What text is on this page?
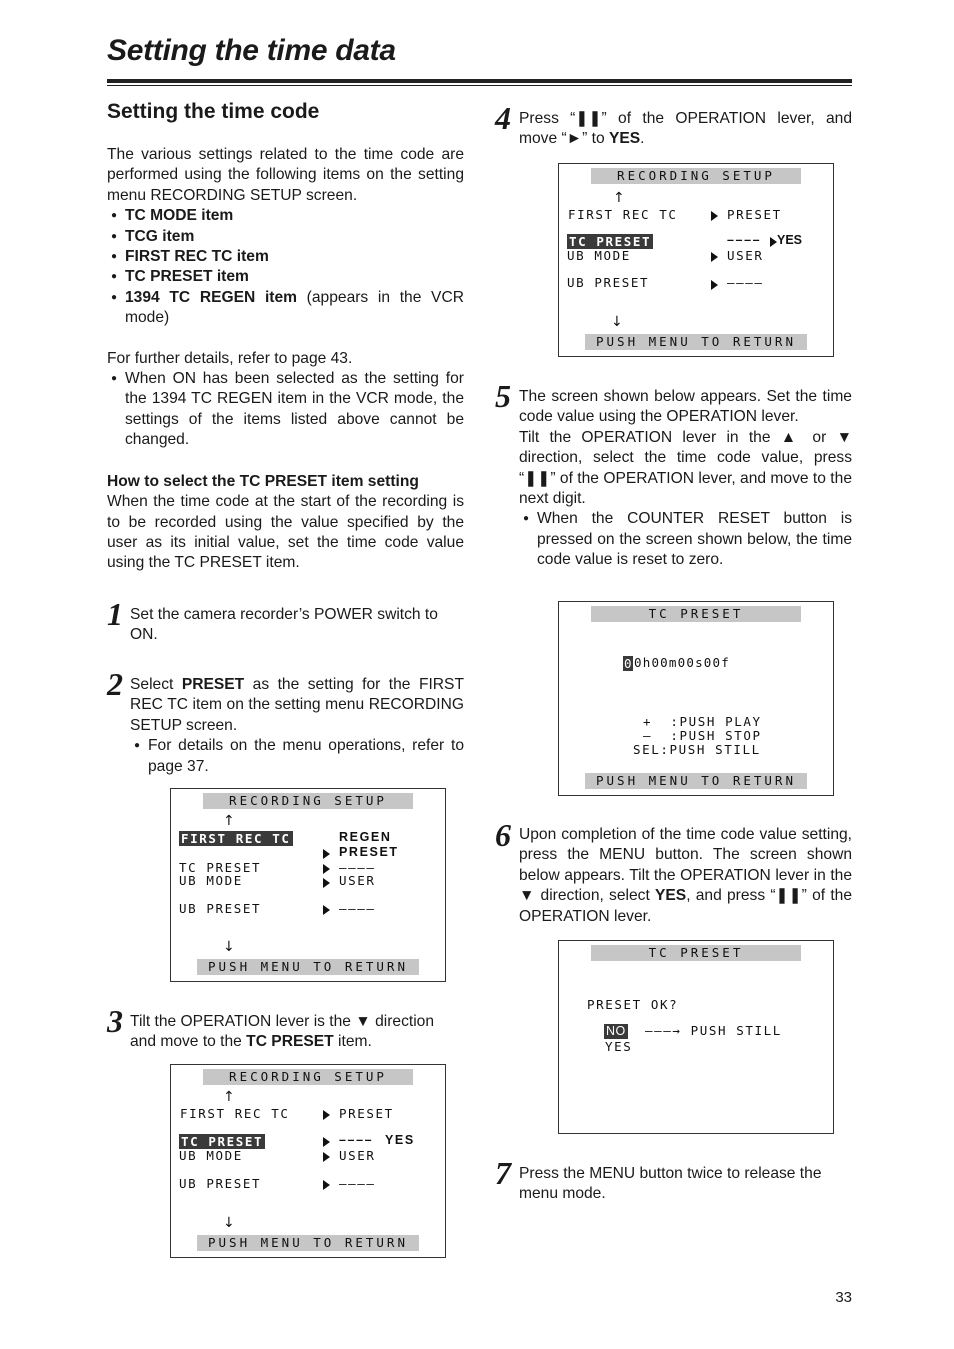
Setting the time data
Setting the time code
The various settings related to the time code are performed using the following items on the setting menu RECORDING SETUP screen.
● TC MODE item
● TCG item
● FIRST REC TC item
● TC PRESET item
● 1394 TC REGEN item (appears in the VCR mode)
For further details, refer to page 43.
● When ON has been selected as the setting for the 1394 TC REGEN item in the VCR mode, the settings of the items listed above cannot be changed.
How to select the TC PRESET item setting
When the time code at the start of the recording is to be recorded using the value specified by the user as its initial value, set the time code value using the TC PRESET item.
1 Set the camera recorder’s POWER switch to ON.
2 Select PRESET as the setting for the FIRST REC TC item on the setting menu RECORDING SETUP screen.
● For details on the menu operations, refer to page 37.
RECORDING SETUP
↑
FIRST REC TC	REGEN
PRESET
TC PRESET	––––
UB MODE	USER
UB PRESET	––––
↓
PUSH MENU TO RETURN
3 Tilt the OPERATION lever is the ▼ direction and move to the TC PRESET item.
RECORDING SETUP
↑
FIRST REC TC	PRESET
TC PRESET	–––– YES
UB MODE	USER
UB PRESET	––––
↓
PUSH MENU TO RETURN
4 Press “❚❚” of the OPERATION lever, and move “►” to YES.
RECORDING SETUP
↑
FIRST REC TC	PRESET
TC PRESET	–––– YES
UB MODE	USER
UB PRESET	––––
↓
PUSH MENU TO RETURN
5 The screen shown below appears. Set the time code value using the OPERATION lever.
Tilt the OPERATION lever in the ▲ or ▼ direction, select the time code value, press “❚❚” of the OPERATION lever, and move to the next digit.
● When the COUNTER RESET button is pressed on the screen shown below, the time code value is reset to zero.
TC PRESET
0 0h00m00s00f
+  :PUSH PLAY
–  :PUSH STOP
SEL:PUSH STILL
PUSH MENU TO RETURN
6 Upon completion of the time code value setting, press the MENU button. The screen shown below appears. Tilt the OPERATION lever in the ▼ direction, select YES, and press “❚❚” of the OPERATION lever.
TC PRESET
PRESET OK?
NO –––→ PUSH STILL
YES
7 Press the MENU button twice to release the menu mode.
33
